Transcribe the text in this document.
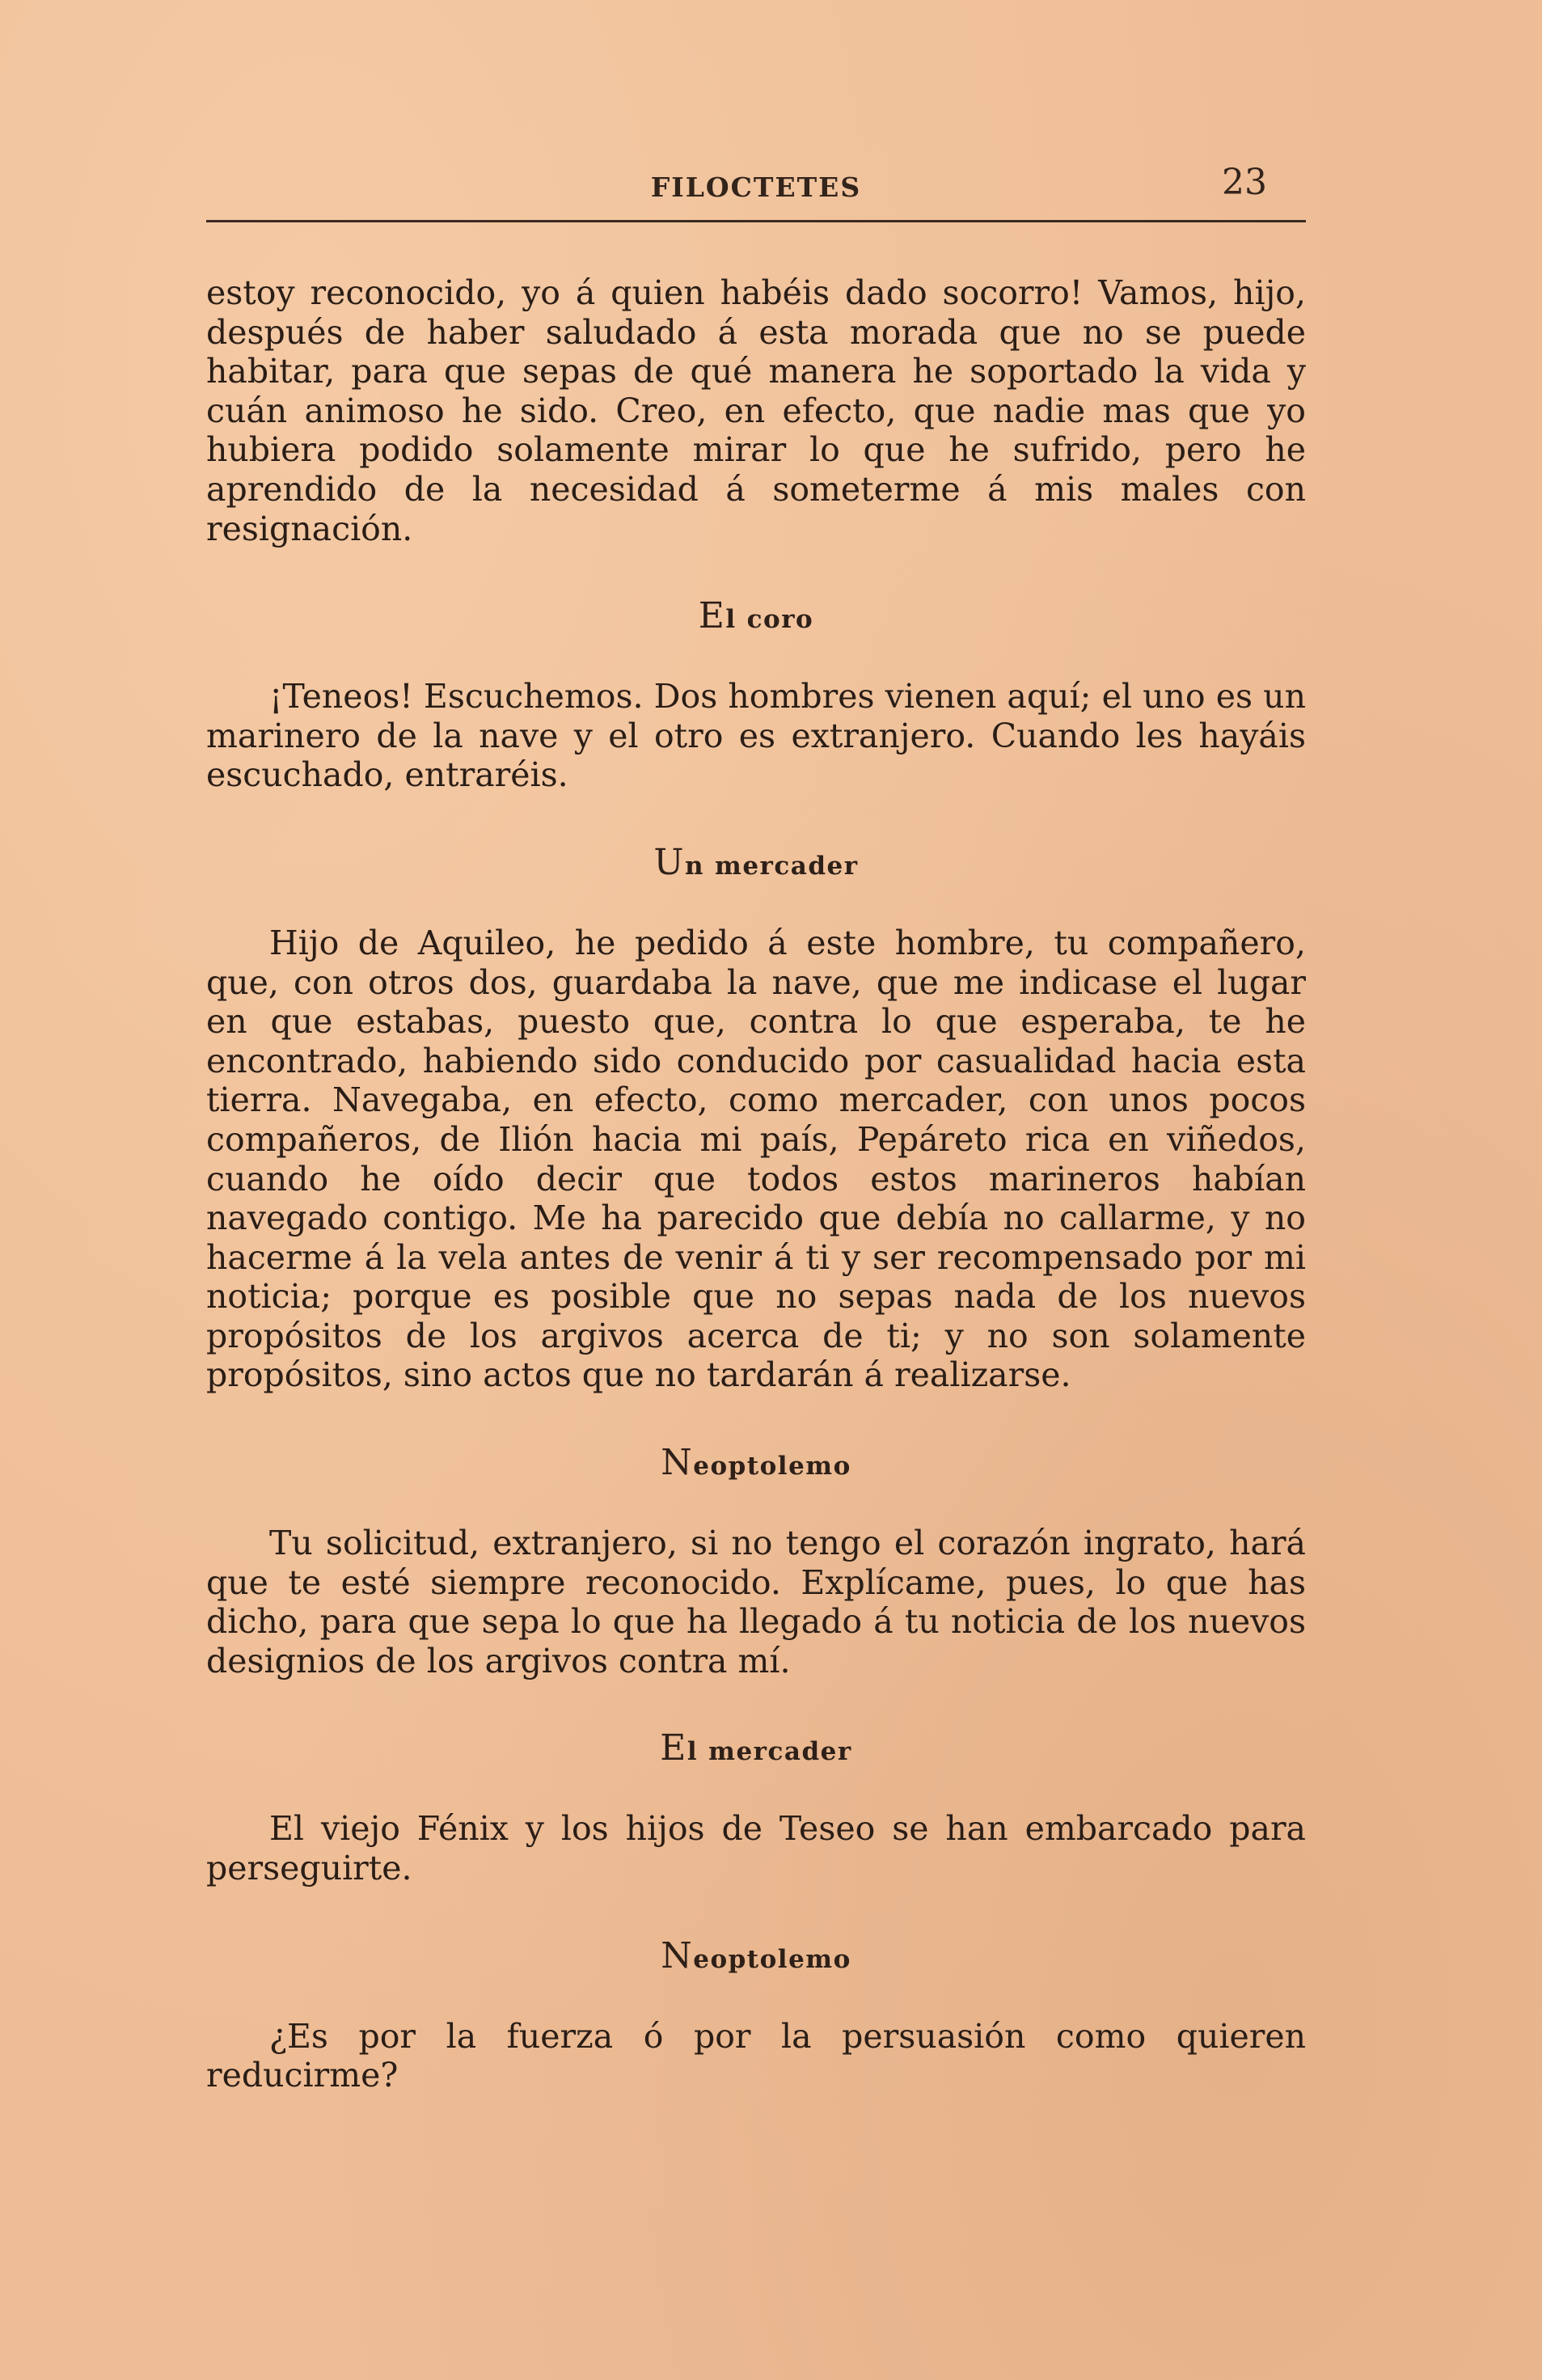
FILOCTETES	23

estoy reconocido, yo á quien habéis dado socorro! Vamos, hijo, después de haber saludado á esta morada que no se puede habitar, para que sepas de qué manera he soportado la vida y cuán animoso he sido. Creo, en efecto, que nadie mas que yo hubiera podido solamente mirar lo que he sufrido, pero he aprendido de la necesidad á someterme á mis males con resignación.

El coro

¡Teneos! Escuchemos. Dos hombres vienen aquí; el uno es un marinero de la nave y el otro es extranjero. Cuando les hayáis escuchado, entraréis.

Un mercader

Hijo de Aquileo, he pedido á este hombre, tu compañero, que, con otros dos, guardaba la nave, que me indicase el lugar en que estabas, puesto que, contra lo que esperaba, te he encontrado, habiendo sido conducido por casualidad hacia esta tierra. Navegaba, en efecto, como mercader, con unos pocos compañeros, de Ilión hacia mi país, Pepáreto rica en viñedos, cuando he oído decir que todos estos marineros habían navegado contigo. Me ha parecido que debía no callarme, y no hacerme á la vela antes de venir á ti y ser recompensado por mi noticia; porque es posible que no sepas nada de los nuevos propósitos de los argivos acerca de ti; y no son solamente propósitos, sino actos que no tardarán á realizarse.

Neoptolemo

Tu solicitud, extranjero, si no tengo el corazón ingrato, hará que te esté siempre reconocido. Explícame, pues, lo que has dicho, para que sepa lo que ha llegado á tu noticia de los nuevos designios de los argivos contra mí.

El mercader

El viejo Fénix y los hijos de Teseo se han embarcado para perseguirte.

Neoptolemo

¿Es por la fuerza ó por la persuasión como quieren reducirme?
